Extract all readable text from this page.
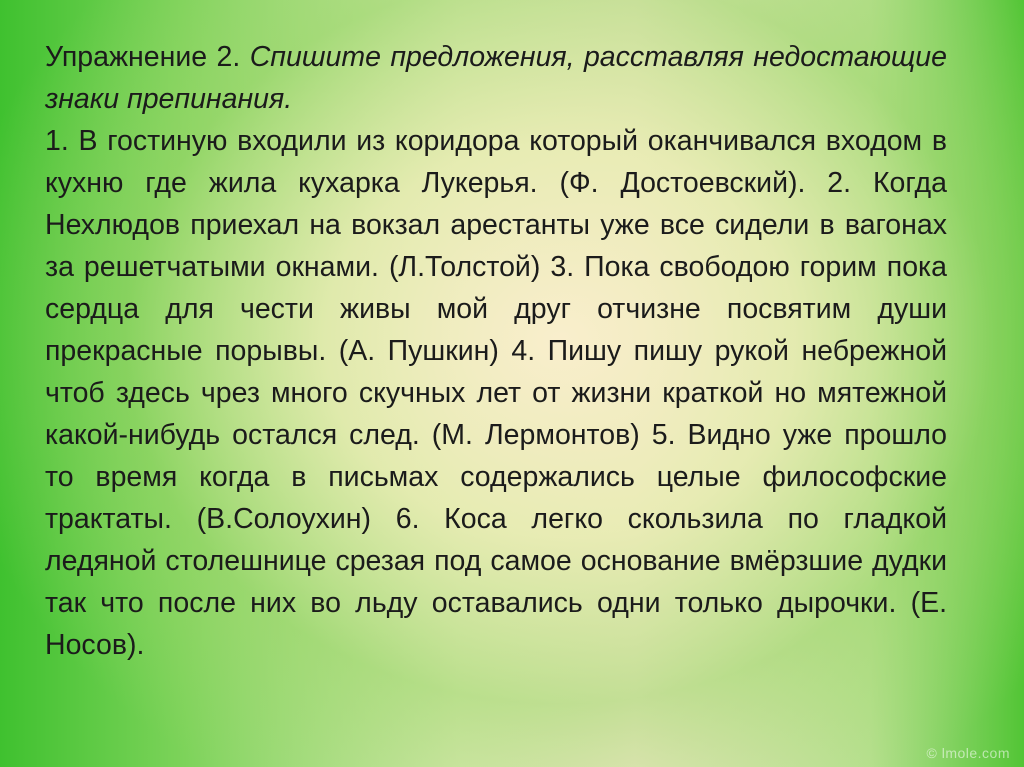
Упражнение 2. Спишите предложения, расставляя недостающие знаки препинания.

1. В гостиную входили из коридора который оканчивался входом в кухню где жила кухарка Лукерья. (Ф. Достоевский). 2. Когда Нехлюдов приехал на вокзал арестанты уже все сидели в вагонах за решетчатыми окнами. (Л.Толстой) 3. Пока свободою горим пока сердца для чести живы мой друг отчизне посвятим души прекрасные порывы. (А. Пушкин) 4. Пишу пишу рукой небрежной чтоб здесь чрез много скучных лет от жизни краткой но мятежной какой-нибудь остался след. (М. Лермонтов) 5. Видно уже прошло то время когда в письмах содержались целые философские трактаты. (В.Солоухин) 6. Коса легко скользила по гладкой ледяной столешнице срезая под самое основание вмёрзшие дудки так что после них во льду оставались одни только дырочки. (Е. Носов).

© lmole.com
